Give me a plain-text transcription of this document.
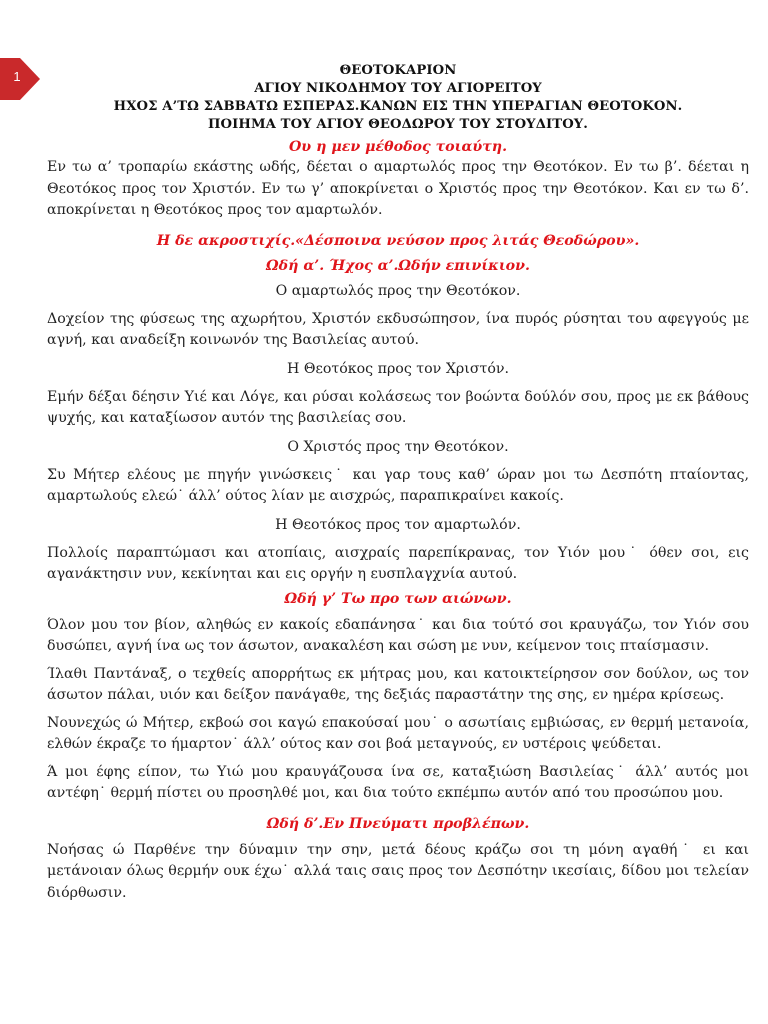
1	ΘΕΟΤΟΚΑΡΙΟΝ
ΑΓΙΟΥ ΝΙΚΟΔΗΜΟΥ ΤΟΥ ΑΓΙΟΡΕΙΤΟΥ
ΗΧΟΣ Α’ΤΩ ΣΑΒΒΑΤΩ ΕΣΠΕΡΑΣ.ΚΑΝΩΝ ΕΙΣ ΤΗΝ ΥΠΕΡΑΓΙΑΝ ΘΕΟΤΟΚΟΝ.
ΠΟΙΗΜΑ ΤΟΥ ΑΓΙΟΥ ΘΕΟΔΩΡΟΥ ΤΟΥ ΣΤΟΥΔΙΤΟΥ.
Ου η μεν μέθοδος τοιαύτη.

Εν τω α’ τροπαρίω εκάστης ωδής, δέεται ο αμαρτωλός προς την Θεοτόκον. Εν τω β’. δέεται η Θεοτόκος προς τον Χριστόν. Εν τω γ’ αποκρίνεται ο Χριστός προς την Θεοτόκον. Και εν τω δ’. αποκρίνεται η Θεοτόκος προς τον αμαρτωλόν.

Η δε ακροστιχίς.«Δέσποινα νεύσον προς λιτάς Θεοδώρου».
Ωδή α’. Ήχος α’.Ωδήν επινίκιον.
Ο αμαρτωλός προς την Θεοτόκον.

Δοχείον της φύσεως της αχωρήτου, Χριστόν εκδυσώπησον, ίνα πυρός ρύσηται του αφεγγούς με αγνή, και αναδείξη κοινωνόν της Βασιλείας αυτού.

Η Θεοτόκος προς τον Χριστόν.

Εμήν δέξαι δέησιν Υιέ και Λόγε, και ρύσαι κολάσεως τον βοώντα δούλόν σου, προς με εκ βάθους ψυχής, και καταξίωσον αυτόν της βασιλείας σου.

Ο Χριστός προς την Θεοτόκον.

Συ Μήτερ ελέους με πηγήν γινώσκεις˙ και γαρ τους καθ’ ώραν μοι τω Δεσπότη πταίοντας, αμαρτωλούς ελεώ˙ άλλ’ ούτος λίαν με αισχρώς, παραπικραίνει κακοίς.

Η Θεοτόκος προς τον αμαρτωλόν.

Πολλοίς παραπτώμασι και ατοπίαις, αισχραίς παρεπίκρανας, τον Υιόν μου˙ όθεν σοι, εις αγανάκτησιν νυν, κεκίνηται και εις οργήν η ευσπλαγχνία αυτού.

Ωδή γ’ Τω προ των αιώνων.

Όλον μου τον βίον, αληθώς εν κακοίς εδαπάνησα˙ και δια τούτό σοι κραυγάζω, τον Υιόν σου δυσώπει, αγνή ίνα ως τον άσωτον, ανακαλέση και σώση με νυν, κείμενον τοις πταίσμασιν.

Ίλαθι Παντάναξ, ο τεχθείς απορρήτως εκ μήτρας μου, και κατοικτείρησον σον δούλον, ως τον άσωτον πάλαι, υιόν και δείξον πανάγαθε, της δεξιάς παραστάτην της σης, εν ημέρα κρίσεως.

Νουνεχώς ώ Μήτερ, εκβοώ σοι καγώ επακούσαί μου˙ ο ασωτίαις εμβιώσας, εν θερμή μετανοία, ελθών έκραζε το ήμαρτον˙ άλλ’ ούτος καν σοι βοά μεταγνούς, εν υστέροις ψεύδεται.

Ά μοι έφης είπον, τω Υιώ μου κραυγάζουσα ίνα σε, καταξιώση Βασιλείας˙ άλλ’ αυτός μοι αντέφη˙ θερμή πίστει ου προσηλθέ μοι, και δια τούτο εκπέμπω αυτόν από του προσώπου μου.

Ωδή δ’.Εν Πνεύματι προβλέπων.

Νοήσας ώ Παρθένε την δύναμιν την σην, μετά δέους κράζω σοι τη μόνη αγαθή˙ ει και μετάνοιαν όλως θερμήν ουκ έχω˙ αλλά ταις σαις προς τον Δεσπότην ικεσίαις, δίδου μοι τελείαν διόρθωσιν.
